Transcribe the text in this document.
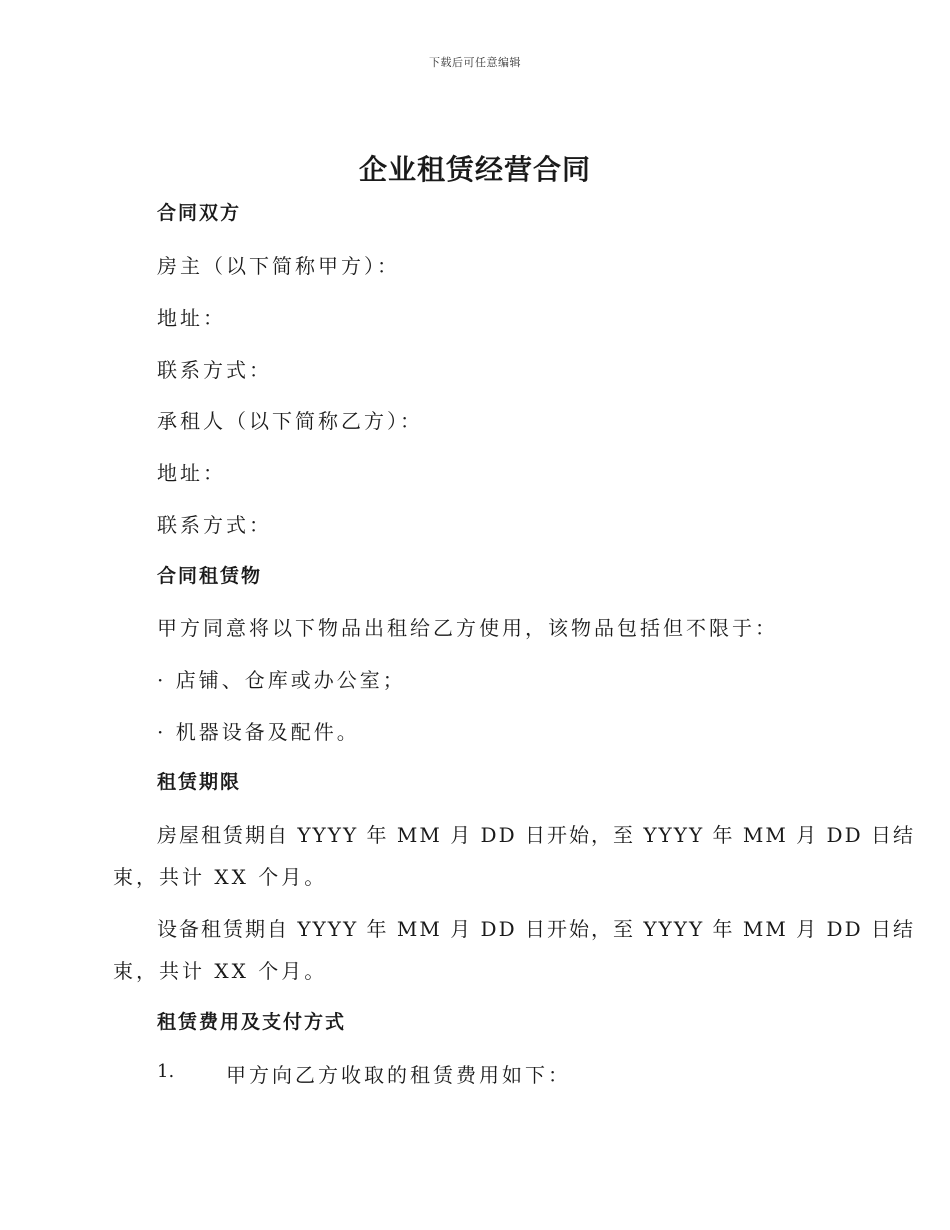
下载后可任意编辑
企业租赁经营合同
合同双方
房主（以下简称甲方）：
地址：
联系方式：
承租人（以下简称乙方）：
地址：
联系方式：
合同租赁物
甲方同意将以下物品出租给乙方使用，该物品包括但不限于：
· 店铺、仓库或办公室；
· 机器设备及配件。
租赁期限
房屋租赁期自 YYYY 年 MM 月 DD 日开始，至 YYYY 年 MM 月 DD 日结
束，共计 XX 个月。
设备租赁期自 YYYY 年 MM 月 DD 日开始，至 YYYY 年 MM 月 DD 日结
束，共计 XX 个月。
租赁费用及支付方式
1.	甲方向乙方收取的租赁费用如下：
